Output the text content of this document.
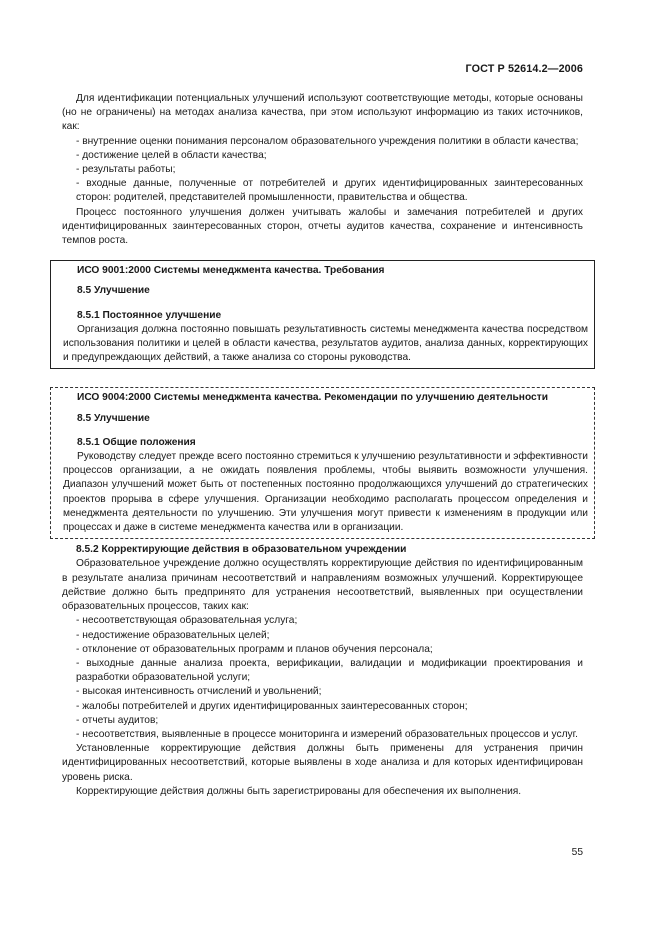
ГОСТ Р 52614.2—2006

Для идентификации потенциальных улучшений используют соответствующие методы, которые основаны (но не ограничены) на методах анализа качества, при этом используют информацию из таких источников, как:

- внутренние оценки понимания персоналом образовательного учреждения политики в области качества;

- достижение целей в области качества;

- результаты работы;

- входные данные, полученные от потребителей и других идентифицированных заинтересованных сторон: родителей, представителей промышленности, правительства и общества.

Процесс постоянного улучшения должен учитывать жалобы и замечания потребителей и других идентифицированных заинтересованных сторон, отчеты аудитов качества, сохранение и интенсивность темпов роста.

ИСО 9001:2000 Системы менеджмента качества. Требования

8.5 Улучшение

8.5.1 Постоянное улучшение

Организация должна постоянно повышать результативность системы менеджмента качества посредством использования политики и целей в области качества, результатов аудитов, анализа данных, корректирующих и предупреждающих действий, а также анализа со стороны руководства.

ИСО 9004:2000 Системы менеджмента качества. Рекомендации по улучшению деятельности

8.5 Улучшение

8.5.1 Общие положения

Руководству следует прежде всего постоянно стремиться к улучшению результативности и эффективности процессов организации, а не ожидать появления проблемы, чтобы выявить возможности улучшения. Диапазон улучшений может быть от постепенных постоянно продолжающихся улучшений до стратегических проектов прорыва в сфере улучшения. Организации необходимо располагать процессом определения и менеджмента деятельности по улучшению. Эти улучшения могут привести к изменениям в продукции или процессах и даже в системе менеджмента качества или в организации.

8.5.2 Корректирующие действия в образовательном учреждении

Образовательное учреждение должно осуществлять корректирующие действия по идентифицированным в результате анализа причинам несоответствий и направлениям возможных улучшений. Корректирующее действие должно быть предпринято для устранения несоответствий, выявленных при осуществлении образовательных процессов, таких как:

- несоответствующая образовательная услуга;

- недостижение образовательных целей;

- отклонение от образовательных программ и планов обучения персонала;

- выходные данные анализа проекта, верификации, валидации и модификации проектирования и разработки образовательной услуги;

- высокая интенсивность отчислений и увольнений;

- жалобы потребителей и других идентифицированных заинтересованных сторон;

- отчеты аудитов;

- несоответствия, выявленные в процессе мониторинга и измерений образовательных процессов и услуг.

Установленные корректирующие действия должны быть применены для устранения причин идентифицированных несоответствий, которые выявлены в ходе анализа и для которых идентифицирован уровень риска.

Корректирующие действия должны быть зарегистрированы для обеспечения их выполнения.

55
